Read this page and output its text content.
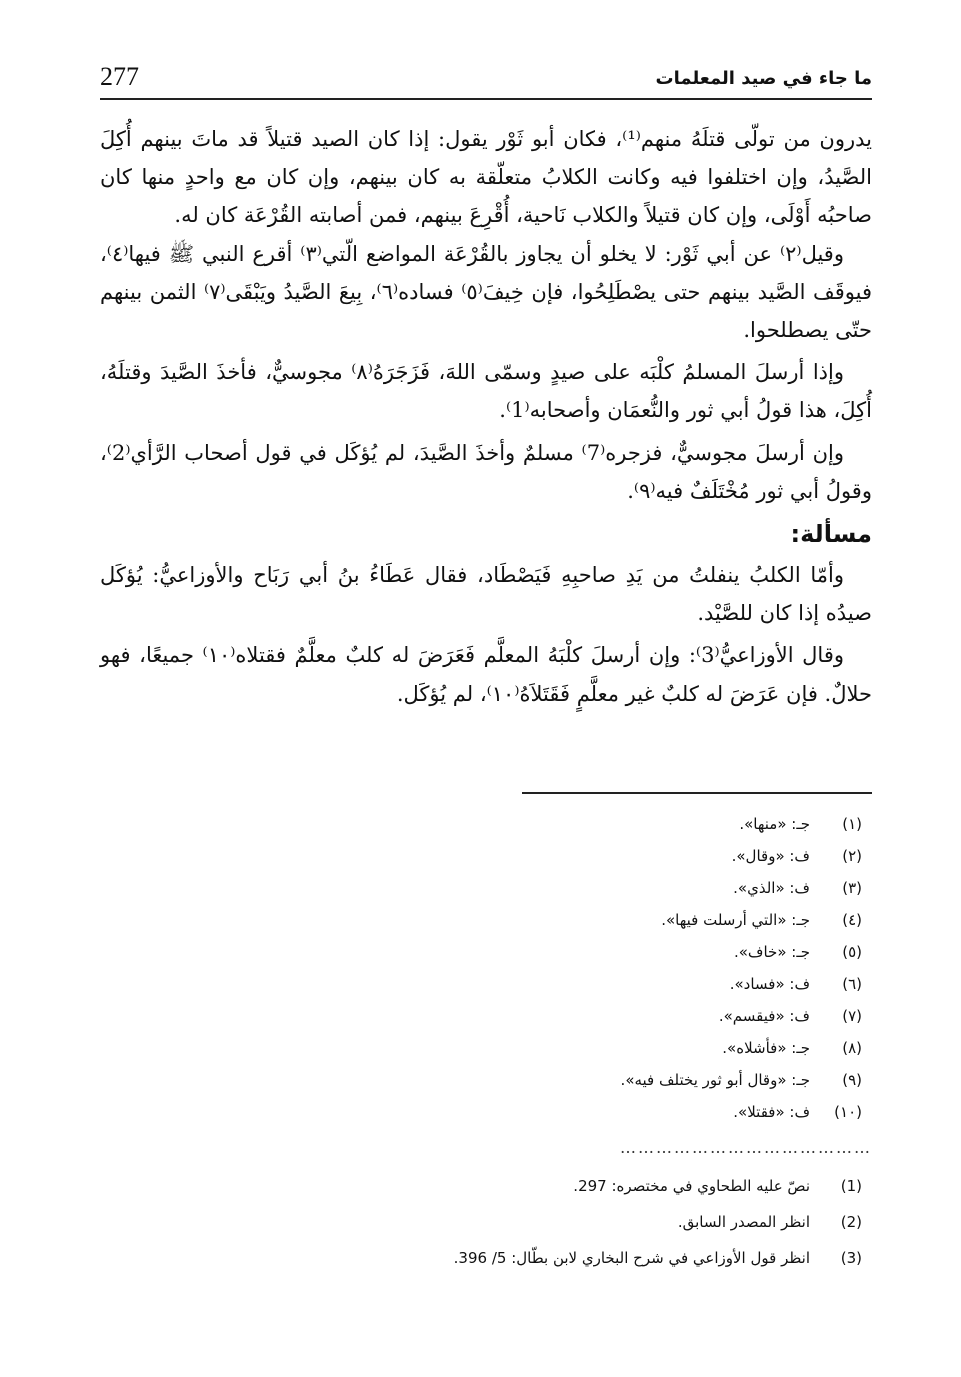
277	ما جاء في صيد المعلمات

يدرون من تولّى قتلَهُ منهم⁽¹⁾، فكان أبو ثَوْر يقول: إذا كان الصيد قتيلاً قد ماتَ بينهم أُكِلَ الصَّيدُ، وإن اختلفوا فيه وكانت الكلابُ متعلّقة به كان بينهم، وإن كان مع واحدٍ منها كان صاحبُه أَوْلَى، وإن كان قتيلاً والكلاب نَاحية، أُقْرِعَ بينهم، فمن أصابته القُرْعَة كان له.

وقيل⁽٢⁾ عن أبي ثَوْر: لا يخلو أن يجاوز بالقُرْعَة المواضع الّتي⁽٣⁾ أقرع النبي ﷺ فيها⁽٤⁾، فيوقَف الصَّيد بينهم حتى يصْطَلِحُوا، فإن خِيفَ⁽٥⁾ فساده⁽٦⁾، بِيعَ الصَّيدُ ويَبْقَى⁽٧⁾ الثمن بينهم حتّى يصطلحوا.

وإذا أرسلَ المسلمُ كلْبَه على صيدٍ وسمّى اللهَ، فَزَجَرَهُ⁽٨⁾ مجوسيٌّ، فأخذَ الصَّيدَ وقتلَهُ، أُكِلَ، هذا قولُ أبي ثور والنُّعمَان وأصحابه⁽1⁾.

وإن أرسلَ مجوسيٌّ، فزجره⁽7⁾ مسلمٌ وأخذَ الصَّيدَ، لم يُؤكَل في قول أصحاب الرَّأي⁽2⁾، وقولُ أبي ثور مُخْتَلَفٌ فيه⁽٩⁾.

مسألة:

وأمّا الكلبُ ينفلتُ من يَدِ صاحبِهِ فَيَصْطَاد، فقال عَطَاءُ بنُ أبي رَبَاح والأوزاعيُّ: يُؤكَل صيدُه إذا كان للصَّيْد.

وقال الأوزاعيُّ⁽3⁾: وإن أرسلَ كلْبَهُ المعلَّم فَعَرَضَ له كلبٌ معلَّمٌ فقتلاه⁽١٠⁾ جميعًا، فهو حلالٌ. فإن عَرَضَ له كلبٌ غير معلَّمٍ فَقَتَلاَهُ⁽١٠⁾، لم يُؤكَل.

(١)جـ: «منها».
(٢)ف: «وقال».
(٣)ف: «الذي».
(٤)جـ: «التي أرسلت فيها».
(٥)جـ: «خاف».
(٦)ف: «فساد».
(٧)ف: «فيقسم».
(٨)جـ: «فأشلاه».
(٩)جـ: «وقال أبو ثور يختلف فيه».
(١٠)ف: «فقتلا».
……………………………………
(1)نصّ عليه الطحاوي في مختصره: 297.
(2)انظر المصدر السابق.
(3)انظر قول الأوزاعي في شرح البخاري لابن بطّال: 5/ 396.
